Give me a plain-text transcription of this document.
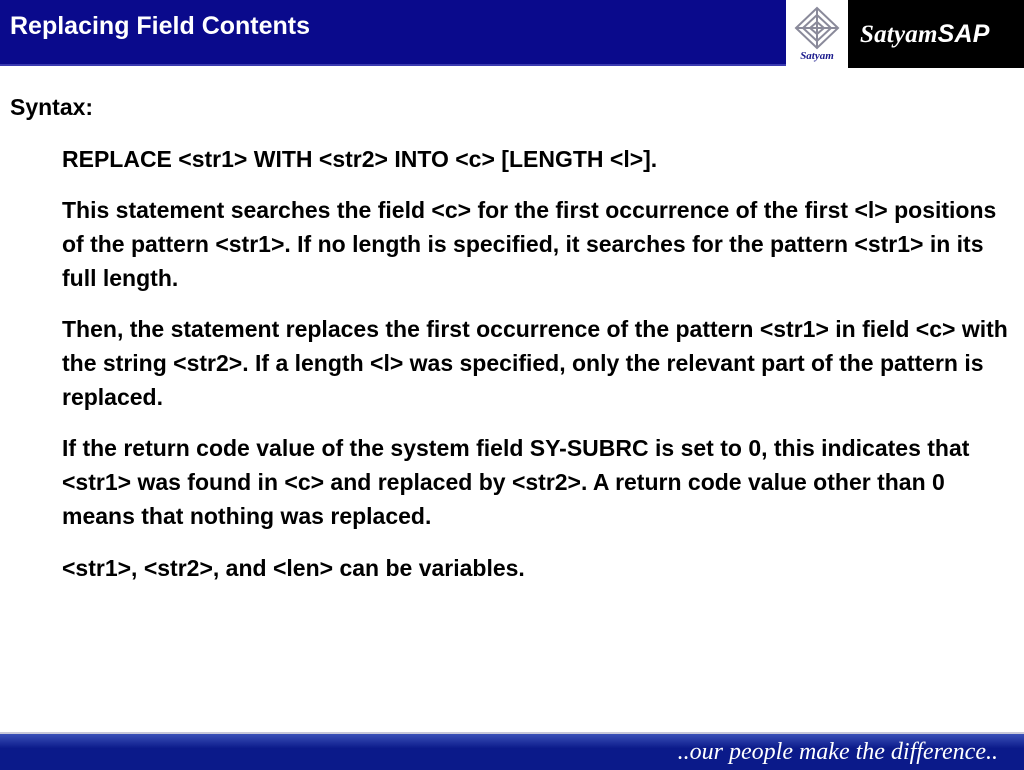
Replacing Field Contents
Satyam
SatyamSAP
Syntax:

REPLACE <str1> WITH <str2> INTO <c> [LENGTH <l>].

This statement searches the field <c> for the first occurrence of the first <l> positions of the pattern <str1>. If no length is specified, it searches for the pattern <str1> in its full length.

Then, the statement replaces the first occurrence of the pattern <str1> in field <c> with the string <str2>. If a length <l> was specified, only the relevant part of the pattern is replaced.

If the return code value of the system field SY-SUBRC is set to 0, this indicates that <str1> was found in <c> and replaced by <str2>. A return code value other than 0 means that nothing was replaced.

<str1>, <str2>, and <len> can be variables.

..our people make the difference..
